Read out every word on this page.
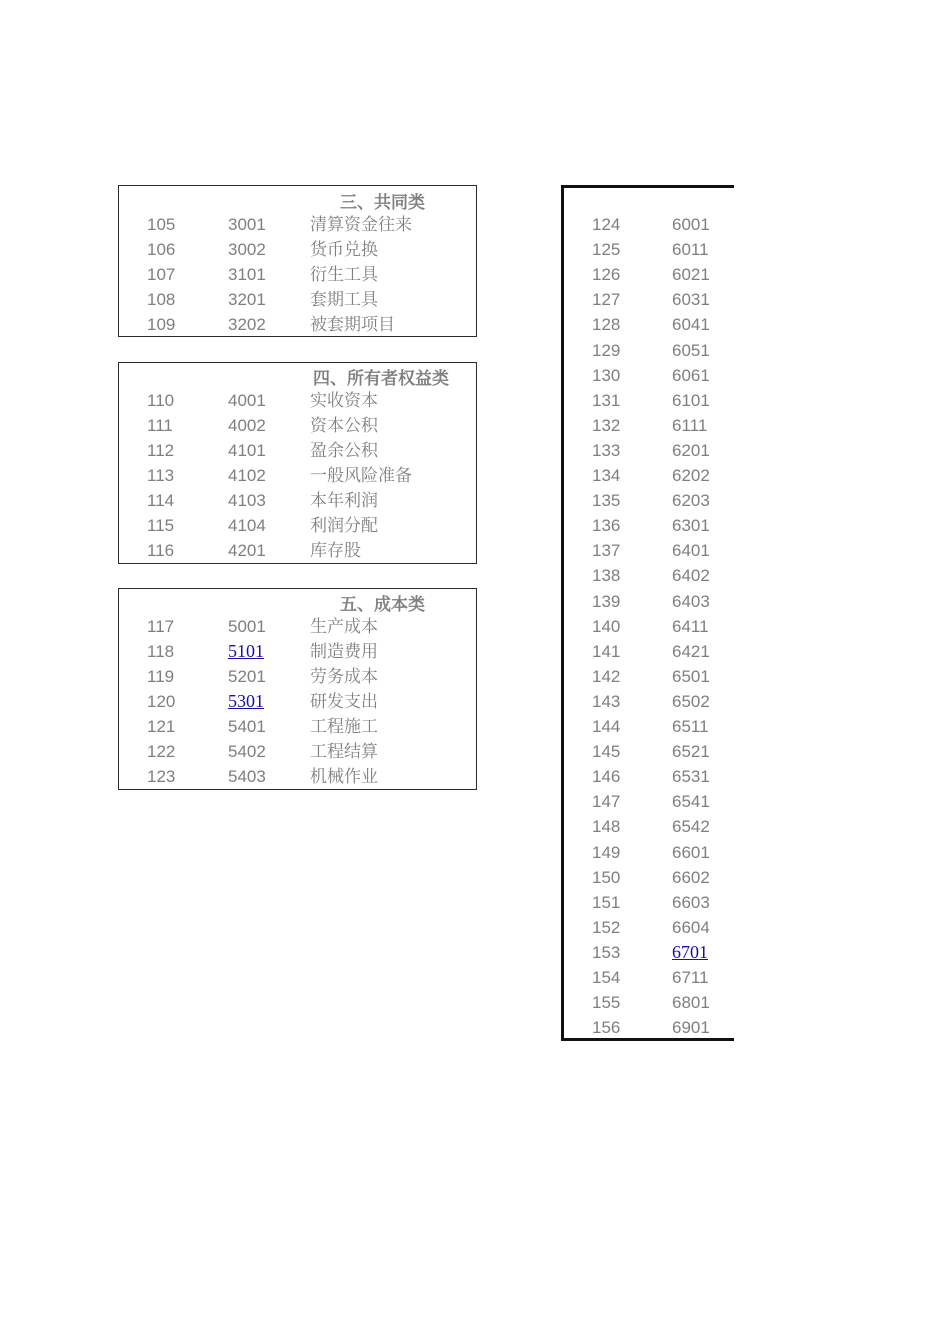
三、共同类
105	3001	清算资金往来
106	3002	货币兑换
107	3101	衍生工具
108	3201	套期工具
109	3202	被套期项目
四、所有者权益类
110	4001	实收资本
111	4002	资本公积
112	4101	盈余公积
113	4102	一般风险准备
114	4103	本年利润
115	4104	利润分配
116	4201	库存股
五、成本类
117	5001	生产成本
118	5101	制造费用
119	5201	劳务成本
120	5301	研发支出
121	5401	工程施工
122	5402	工程结算
123	5403	机械作业
124	6001
125	6011
126	6021
127	6031
128	6041
129	6051
130	6061
131	6101
132	6111
133	6201
134	6202
135	6203
136	6301
137	6401
138	6402
139	6403
140	6411
141	6421
142	6501
143	6502
144	6511
145	6521
146	6531
147	6541
148	6542
149	6601
150	6602
151	6603
152	6604
153	6701
154	6711
155	6801
156	6901
